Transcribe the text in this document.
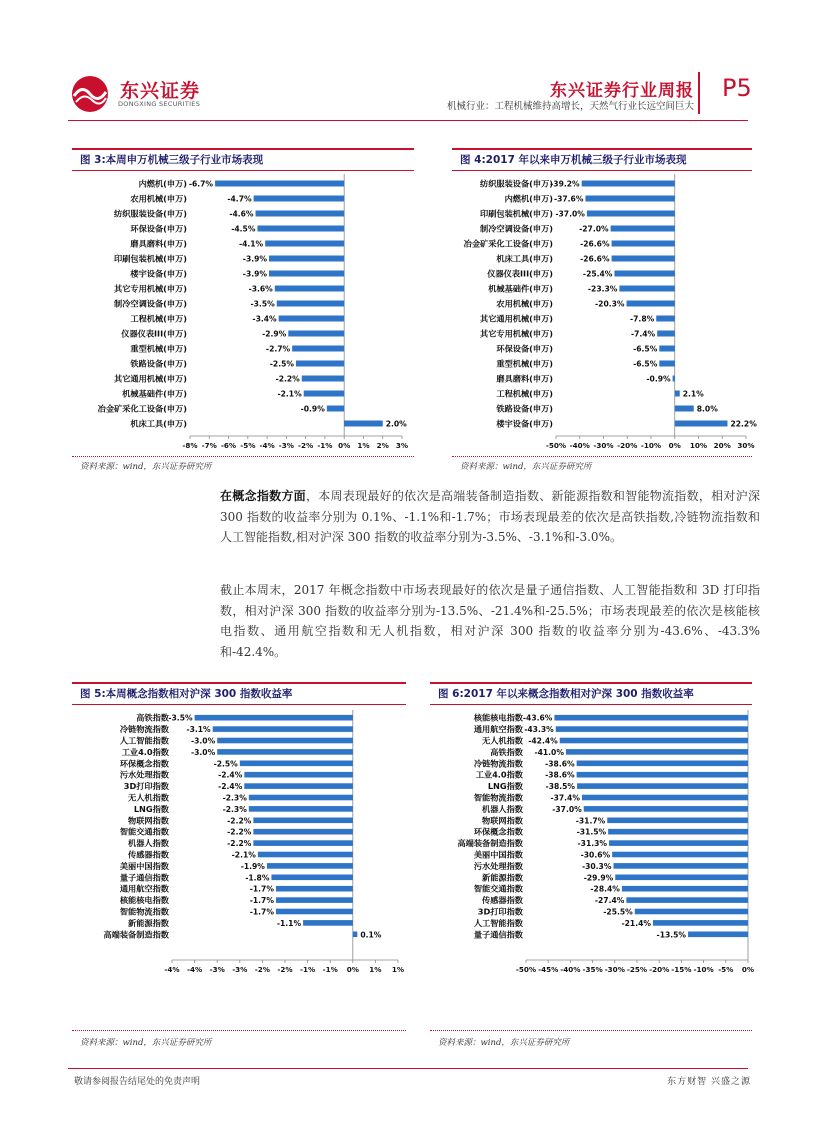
东兴证券
DONGXING SECURITIES
东兴证券行业周报
机械行业：工程机械维持高增长，天然气行业长远空间巨大
P5
图 3:本周申万机械三级子行业市场表现
-8% -7% -6% -5% -4% -3% -2% -1% 0% 1% 2% 3%
内燃机(申万) -6.7%
农用机械(申万)	-4.7%
纺织服装设备(申万)	-4.6%
环保设备(申万)	-4.5%
磨具磨料(申万)	-4.1%
印刷包装机械(申万)	-3.9%
楼宇设备(申万)	-3.9%
其它专用机械(申万)	-3.6%
制冷空调设备(申万)	-3.5%
工程机械(申万)	-3.4%
仪器仪表III(申万)	-2.9%
重型机械(申万)	-2.7%
铁路设备(申万)	-2.5%
其它通用机械(申万)	-2.2%
机械基础件(申万)	-2.1%
冶金矿采化工设备(申万)	-0.9%
机床工具(申万)	2.0%
资料来源：wind，东兴证券研究所
图 4:2017 年以来申万机械三级子行业市场表现
-50% -40% -30% -20% -10% 0% 10% 20% 30%
纺织服装设备(申万)
-39.2%
内燃机(申万) -37.6%
印刷包装机械(申万) -37.0%
制冷空调设备(申万)	-27.0%
冶金矿采化工设备(申万)	-26.6%
机床工具(申万)	-26.6%
仪器仪表III(申万)	-25.4%
机械基础件(申万)	-23.3%
农用机械(申万)	-20.3%
其它通用机械(申万)	-7.8%
其它专用机械(申万)	-7.4%
环保设备(申万)	-6.5%
重型机械(申万)	-6.5%
磨具磨料(申万)	-0.9%
工程机械(申万)	2.1%
铁路设备(申万)	8.0%
楼宇设备(申万)	22.2%
资料来源：wind，东兴证券研究所

在概念指数方面，本周表现最好的依次是高端装备制造指数、新能源指数和智能物流指数，相对沪深 300 指数的收益率分别为 0.1%、-1.1%和-1.7%；市场表现最差的依次是高铁指数,冷链物流指数和人工智能指数,相对沪深 300 指数的收益率分别为-3.5%、-3.1%和-3.0%。

截止本周末，2017 年概念指数中市场表现最好的依次是量子通信指数、人工智能指数和 3D 打印指数，相对沪深 300 指数的收益率分别为-13.5%、-21.4%和-25.5%；市场表现最差的依次是核能核电指数、通用航空指数和无人机指数，相对沪深 300 指数的收益率分别为-43.6%、-43.3%和-42.4%。

图 5:本周概念指数相对沪深 300 指数收益率
-4% -4% -3% -3% -2% -2% -1% -1% 0% 1% 1%
高铁指数 -3.5%
冷链物流指数 -3.1%
人工智能指数	-3.0%
工业4.0指数	-3.0%
环保概念指数	-2.5%
污水处理指数	-2.4%
3D打印指数	-2.4%
无人机指数	-2.3%
LNG指数	-2.3%
物联网指数	-2.2%
智能交通指数	-2.2%
机器人指数	-2.2%
传感器指数	-2.1%
美丽中国指数	-1.9%
量子通信指数	-1.8%
通用航空指数	-1.7%
核能核电指数	-1.7%
智能物流指数	-1.7%
新能源指数	-1.1%
高端装备制造指数	0.1%
资料来源：wind，东兴证券研究所
图 6:2017 年以来概念指数相对沪深 300 指数收益率
-50% -45% -40% -35% -30% -25% -20% -15% -10% -5% 0%
核能核电指数 -43.6%
通用航空指数 -43.3%
无人机指数 -42.4%
高铁指数 -41.0%
冷链物流指数	-38.6%
工业4.0指数	-38.6%
LNG指数	-38.5%
智能物流指数	-37.4%
机器人指数	-37.0%
物联网指数	-31.7%
环保概念指数	-31.5%
高端装备制造指数	-31.3%
美丽中国指数	-30.6%
污水处理指数	-30.3%
新能源指数	-29.9%
智能交通指数	-28.4%
传感器指数	-27.4%
3D打印指数	-25.5%
人工智能指数	-21.4%
量子通信指数	-13.5%
资料来源：wind，东兴证券研究所
敬请参阅报告结尾处的免责声明	东方财智 兴盛之源
